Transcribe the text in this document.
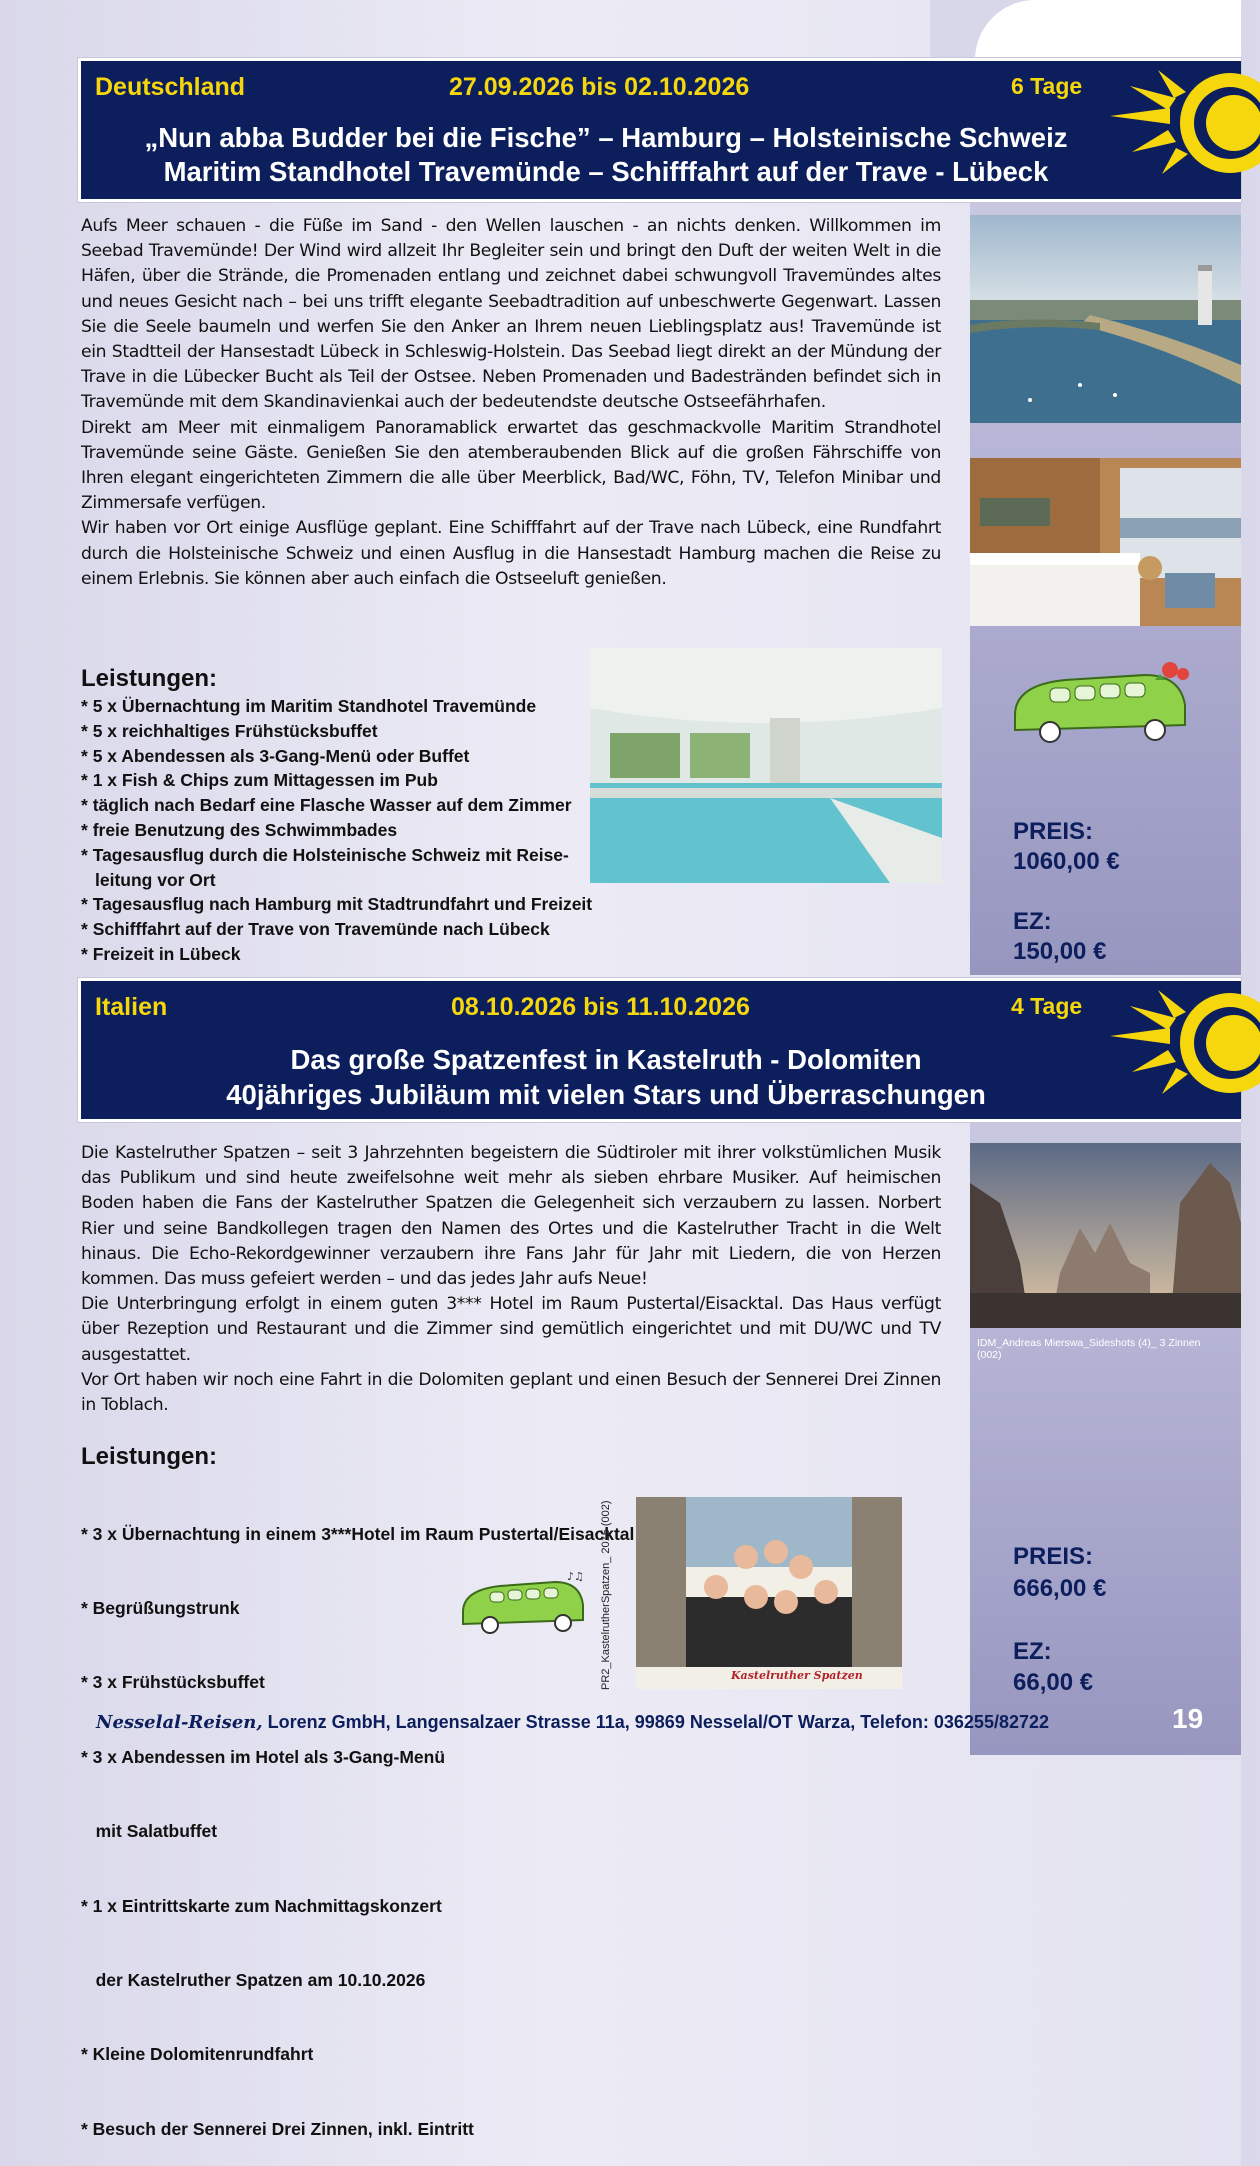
Deutschland	27.09.2026 bis 02.10.2026	6 Tage
„Nun abba Budder bei die Fische” – Hamburg – Holsteinische Schweiz
Maritim Standhotel Travemünde – Schifffahrt auf der Trave - Lübeck

Aufs Meer schauen - die Füße im Sand - den Wellen lauschen - an nichts denken. Willkommen im Seebad Travemünde! Der Wind wird allzeit Ihr Begleiter sein und bringt den Duft der weiten Welt in die Häfen, über die Strände, die Promenaden entlang und zeichnet dabei schwungvoll Travemündes altes und neues Gesicht nach – bei uns trifft elegante Seebadtradition auf unbeschwerte Gegenwart. Lassen Sie die Seele baumeln und werfen Sie den Anker an Ihrem neuen Lieblingsplatz aus! Travemünde ist ein Stadtteil der Hansestadt Lübeck in Schleswig-Holstein. Das Seebad liegt direkt an der Mündung der Trave in die Lübecker Bucht als Teil der Ostsee. Neben Promenaden und Badestränden befindet sich in Travemünde mit dem Skandinavienkai auch der bedeutendste deutsche Ostseefährhafen.

Direkt am Meer mit einmaligem Panoramablick erwartet das geschmackvolle Maritim Strandhotel Travemünde seine Gäste. Genießen Sie den atemberaubenden Blick auf die großen Fährschiffe von Ihren elegant eingerichteten Zimmern die alle über Meerblick, Bad/WC, Föhn, TV, Telefon Minibar und Zimmersafe verfügen.

Wir haben vor Ort einige Ausflüge geplant. Eine Schifffahrt auf der Trave nach Lübeck, eine Rundfahrt durch die Holsteinische Schweiz und einen Ausflug in die Hansestadt Hamburg machen die Reise zu einem Erlebnis. Sie können aber auch einfach die Ostseeluft genießen.

Leistungen:
* 5 x Übernachtung im Maritim Standhotel Travemünde
* 5 x reichhaltiges Frühstücksbuffet
* 5 x Abendessen als 3-Gang-Menü oder Buffet
* 1 x Fish & Chips zum Mittagessen im Pub
* täglich nach Bedarf eine Flasche Wasser auf dem Zimmer
* freie Benutzung des Schwimmbades
* Tagesausflug durch die Holsteinische Schweiz mit Reise-
leitung vor Ort
* Tagesausflug nach Hamburg mit Stadtrundfahrt und Freizeit
* Schifffahrt auf der Trave von Travemünde nach Lübeck
* Freizeit in Lübeck
PREIS:
1060,00 €
EZ:
150,00 €
Italien	08.10.2026 bis 11.10.2026	4 Tage
Das große Spatzenfest in Kastelruth - Dolomiten
40jähriges Jubiläum mit vielen Stars und Überraschungen
IDM_Andreas Mierswa_Sideshots (4)_ 3 Zinnen (002)

Die Kastelruther Spatzen – seit 3 Jahrzehnten begeistern die Südtiroler mit ihrer volkstümlichen Musik das Publikum und sind heute zweifelsohne weit mehr als sieben ehrbare Musiker. Auf heimischen Boden haben die Fans der Kastelruther Spatzen die Gelegenheit sich verzaubern zu lassen. Norbert Rier und seine Bandkollegen tragen den Namen des Ortes und die Kastelruther Tracht in die Welt hinaus. Die Echo-Rekordgewinner verzaubern ihre Fans Jahr für Jahr mit Liedern, die von Herzen kommen. Das muss gefeiert werden – und das jedes Jahr aufs Neue!

Die Unterbringung erfolgt in einem guten 3*** Hotel im Raum Pustertal/Eisacktal. Das Haus verfügt über Rezeption und Restaurant und die Zimmer sind gemütlich eingerichtet und mit DU/WC und TV ausgestattet.

Vor Ort haben wir noch eine Fahrt in die Dolomiten geplant und einen Besuch der Sennerei Drei Zinnen in Toblach.

Leistungen:

* 3 x Übernachtung in einem 3***Hotel im Raum Pustertal/Eisacktal

* Begrüßungstrunk

* 3 x Frühstücksbuffet

* 3 x Abendessen im Hotel als 3-Gang-Menü

mit Salatbuffet

* 1 x Eintrittskarte zum Nachmittagskonzert

der Kastelruther Spatzen am 10.10.2026

* Kleine Dolomitenrundfahrt

* Besuch der Sennerei Drei Zinnen, inkl. Eintritt

♪♫ PR2_KastelrutherSpatzen_ 2015 (002)	Kastelruther Spatzen
PREIS:
666,00 €
EZ:
66,00 €
Nesselal-Reisen, Lorenz GmbH, Langensalzaer Strasse 11a, 99869 Nesselal/OT Warza, Telefon: 036255/82722	19
